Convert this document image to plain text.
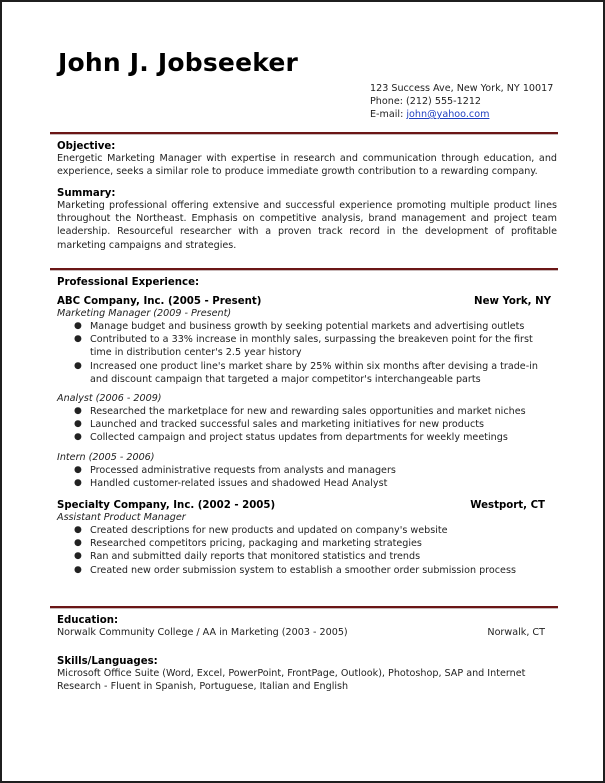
John J. Jobseeker
123 Success Ave, New York, NY 10017
Phone: (212) 555-1212
E-mail: john@yahoo.com

Objective:

Energetic Marketing Manager with expertise in research and communication through education, and experience, seeks a similar role to produce immediate growth contribution to a rewarding company.

Summary:

Marketing professional offering extensive and successful experience promoting multiple product lines throughout the Northeast. Emphasis on competitive analysis, brand management and project team leadership. Resourceful researcher with a proven track record in the development of profitable marketing campaigns and strategies.

Professional Experience:

ABC Company, Inc. (2005 - Present)	New York, NY
Marketing Manager (2009 - Present)
● Manage budget and business growth by seeking potential markets and advertising outlets
● Contributed to a 33% increase in monthly sales, surpassing the breakeven point for the first time in distribution center's 2.5 year history
● Increased one product line's market share by 25% within six months after devising a trade-in and discount campaign that targeted a major competitor's interchangeable parts
Analyst (2006 - 2009)
● Researched the marketplace for new and rewarding sales opportunities and market niches
● Launched and tracked successful sales and marketing initiatives for new products
● Collected campaign and project status updates from departments for weekly meetings
Intern (2005 - 2006)
● Processed administrative requests from analysts and managers
● Handled customer-related issues and shadowed Head Analyst
Specialty Company, Inc. (2002 - 2005)	Westport, CT
Assistant Product Manager
● Created descriptions for new products and updated on company's website
● Researched competitors pricing, packaging and marketing strategies
● Ran and submitted daily reports that monitored statistics and trends
● Created new order submission system to establish a smoother order submission process

Education:

Norwalk Community College / AA in Marketing (2003 - 2005)	Norwalk, CT

Skills/Languages:

Microsoft Office Suite (Word, Excel, PowerPoint, FrontPage, Outlook), Photoshop, SAP and Internet Research - Fluent in Spanish, Portuguese, Italian and English
